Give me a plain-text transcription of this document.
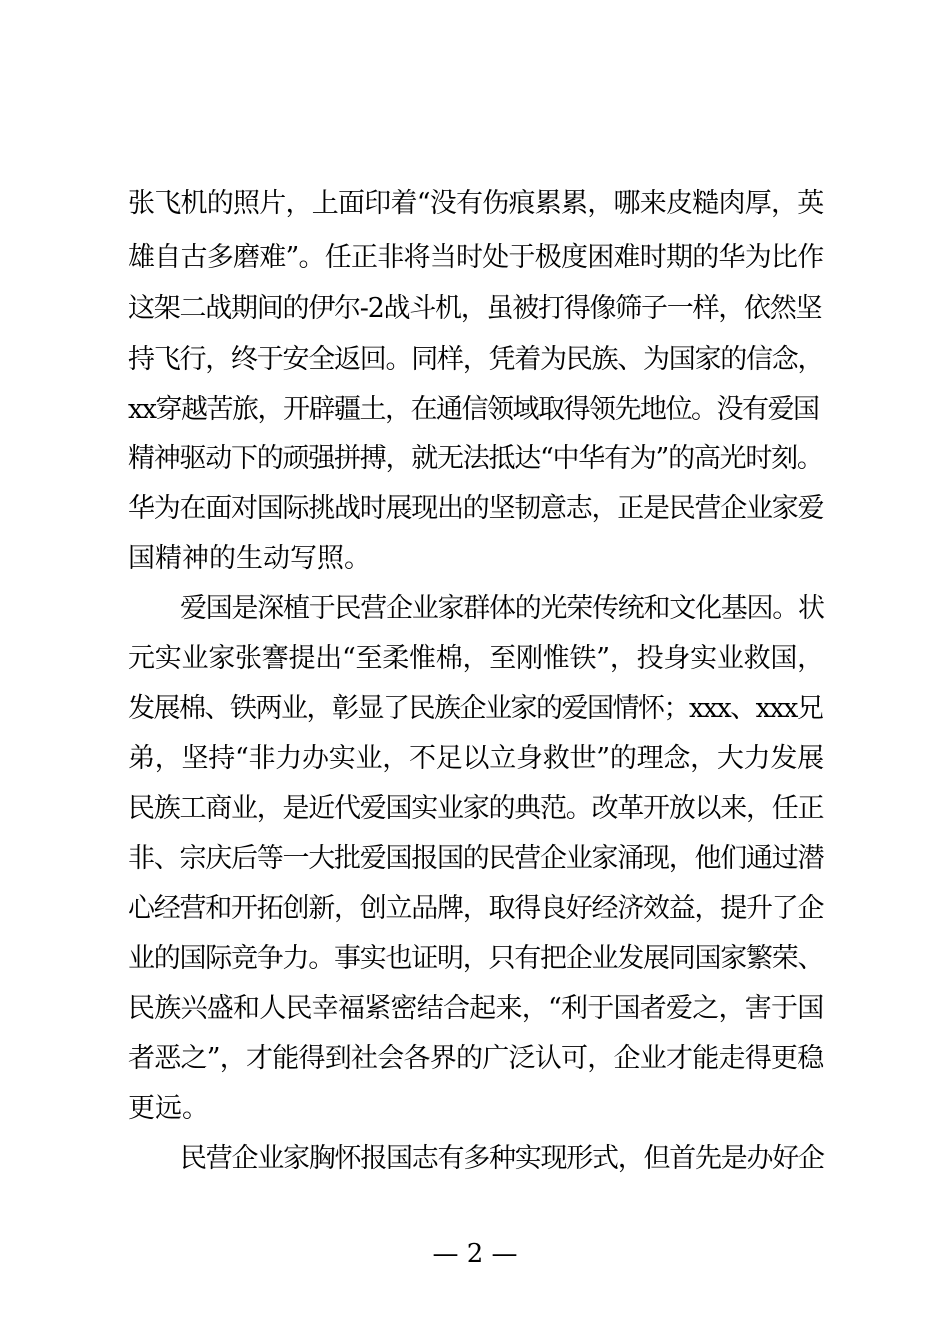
张飞机的照片，上面印着“没有伤痕累累，哪来皮糙肉厚，英
雄自古多磨难”。任正非将当时处于极度困难时期的华为比作
这架二战期间的伊尔-2战斗机，虽被打得像筛子一样，依然坚
持飞行，终于安全返回。同样，凭着为民族、为国家的信念，
xx穿越苦旅，开辟疆土，在通信领域取得领先地位。没有爱国
精神驱动下的顽强拼搏，就无法抵达“中华有为”的高光时刻。
华为在面对国际挑战时展现出的坚韧意志，正是民营企业家爱
国精神的生动写照。
爱国是深植于民营企业家群体的光荣传统和文化基因。状
元实业家张謇提出“至柔惟棉，至刚惟铁”，投身实业救国，
发展棉、铁两业，彰显了民族企业家的爱国情怀；xxx、xxx兄
弟，坚持“非力办实业，不足以立身救世”的理念，大力发展
民族工商业，是近代爱国实业家的典范。改革开放以来，任正
非、宗庆后等一大批爱国报国的民营企业家涌现，他们通过潜
心经营和开拓创新，创立品牌，取得良好经济效益，提升了企
业的国际竞争力。事实也证明，只有把企业发展同国家繁荣、
民族兴盛和人民幸福紧密结合起来，“利于国者爱之，害于国
者恶之”，才能得到社会各界的广泛认可，企业才能走得更稳
更远。
民营企业家胸怀报国志有多种实现形式，但首先是办好企
— 2 —
